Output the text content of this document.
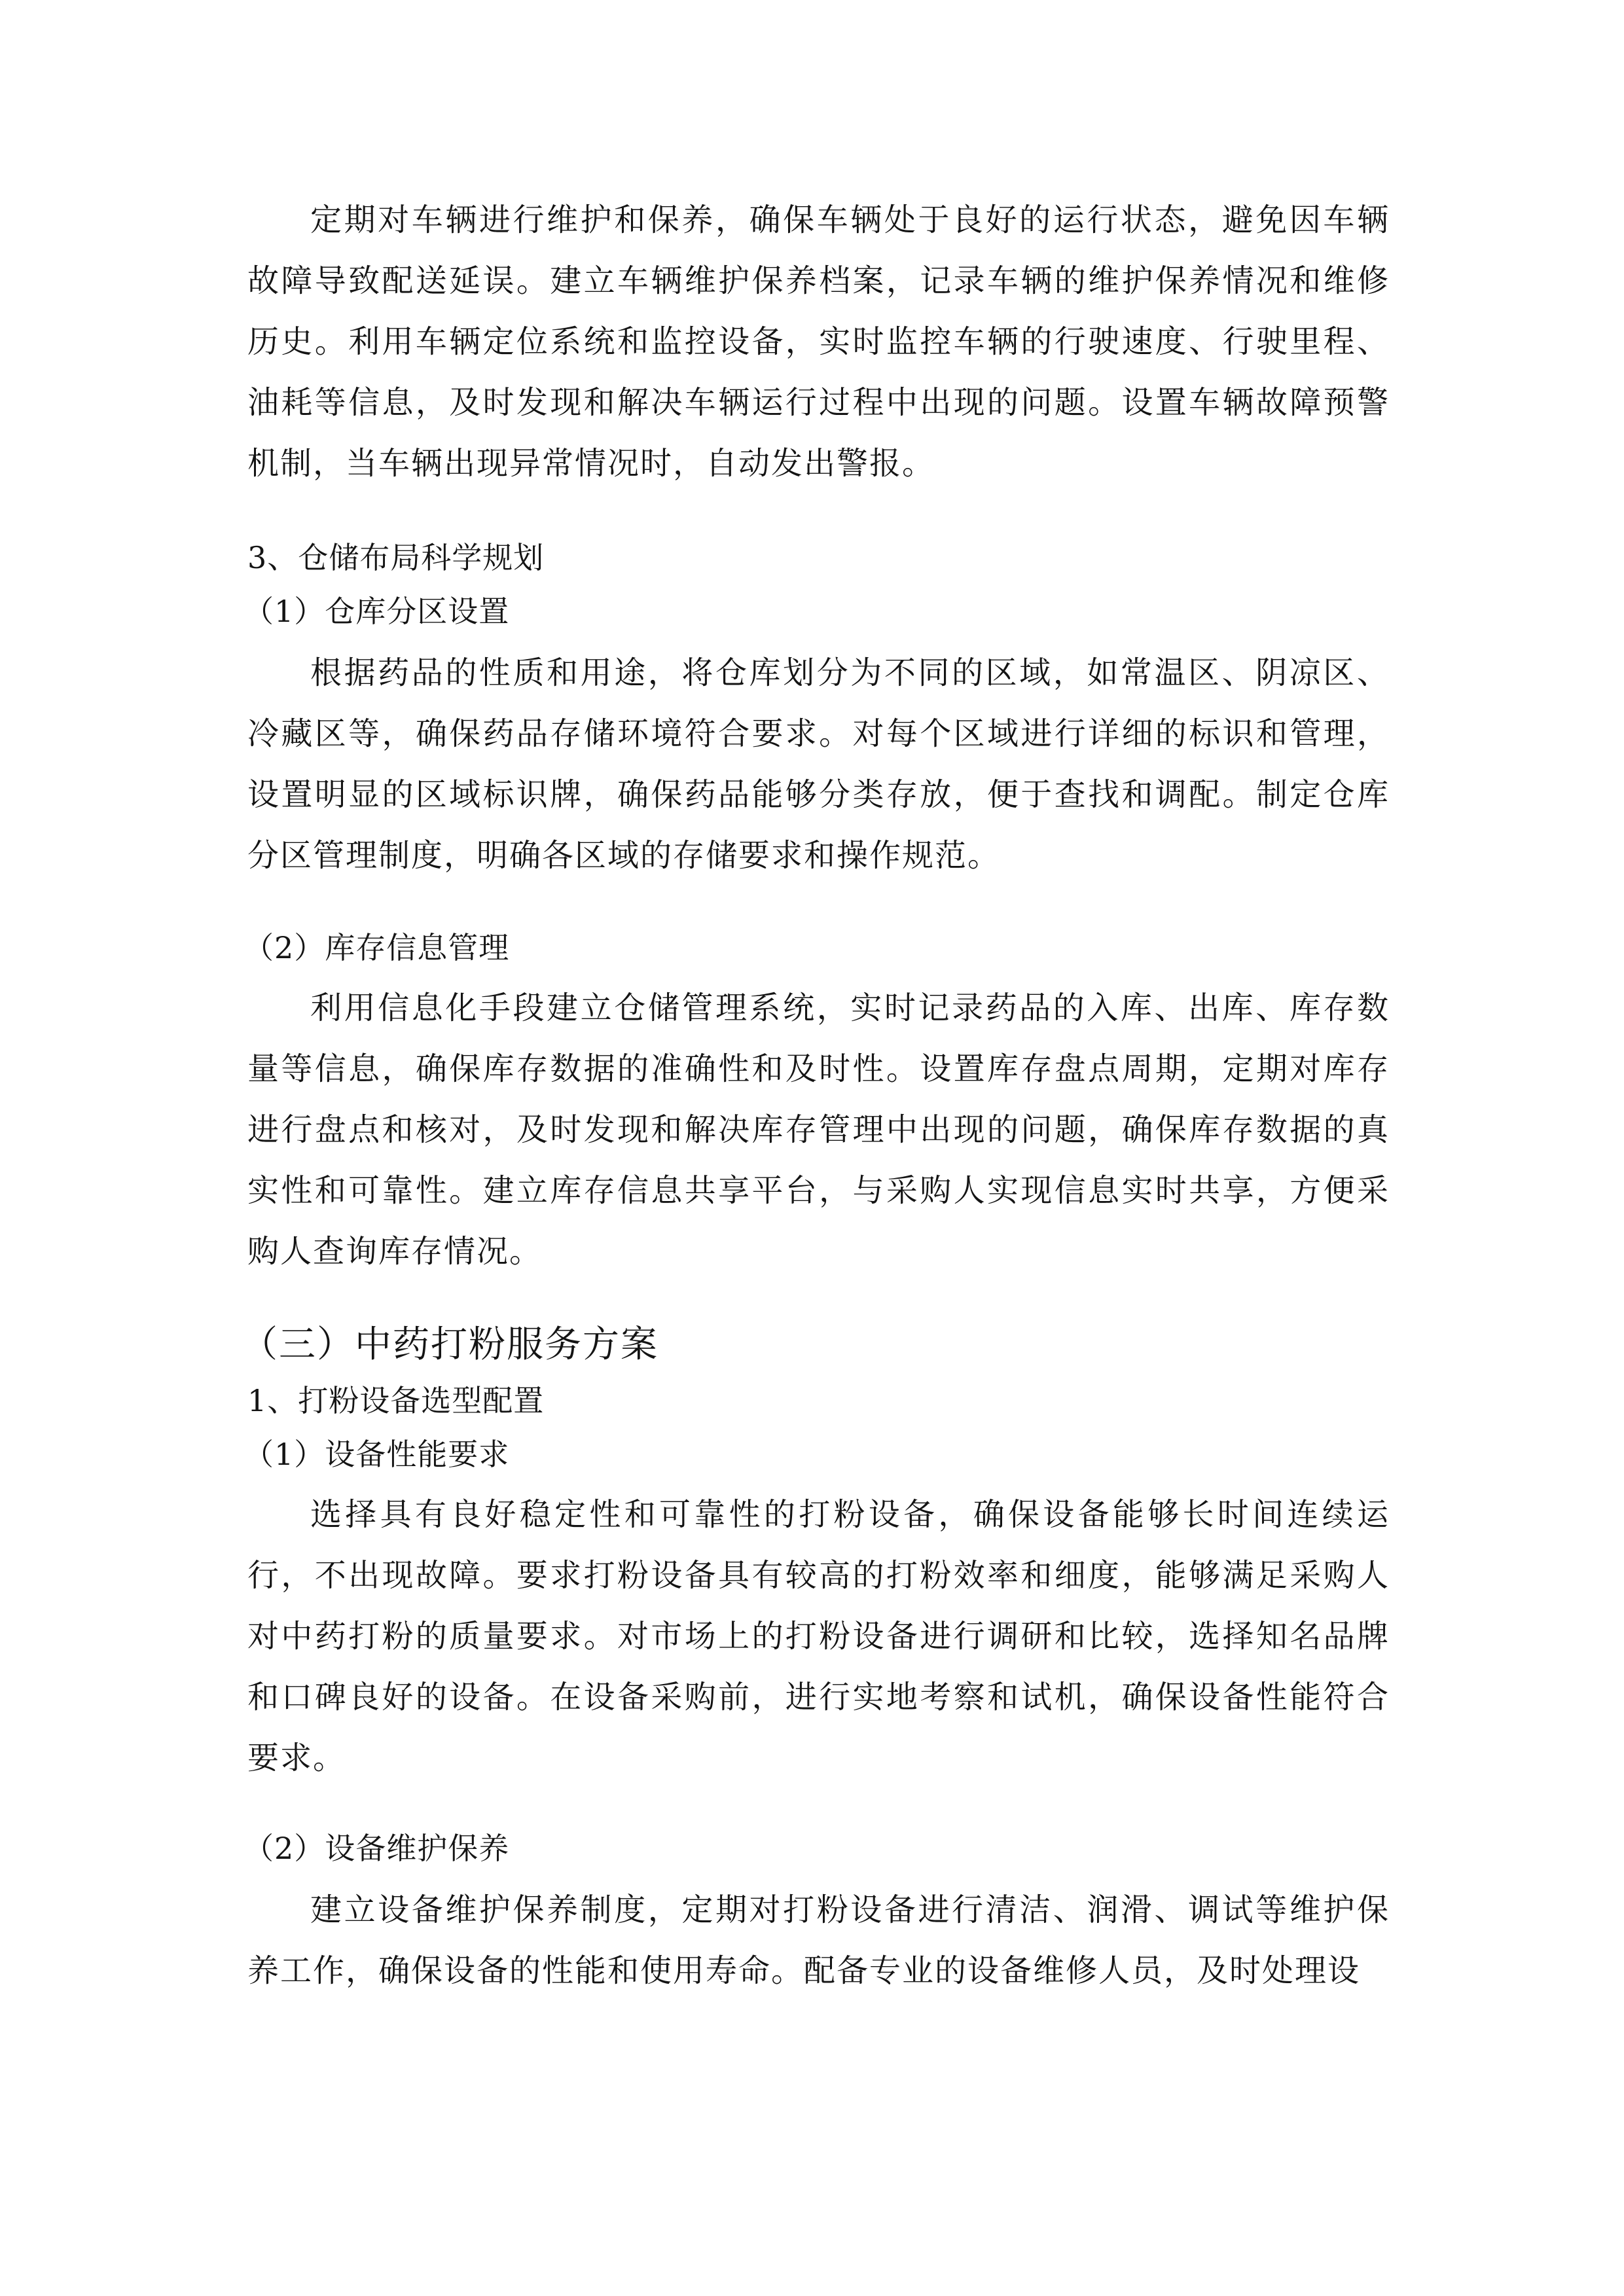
定期对车辆进行维护和保养，确保车辆处于良好的运行状态，避免因车辆故障导致配送延误。建立车辆维护保养档案，记录车辆的维护保养情况和维修历史。利用车辆定位系统和监控设备，实时监控车辆的行驶速度、行驶里程、油耗等信息，及时发现和解决车辆运行过程中出现的问题。设置车辆故障预警机制，当车辆出现异常情况时，自动发出警报。

3、仓储布局科学规划

（1）仓库分区设置

根据药品的性质和用途，将仓库划分为不同的区域，如常温区、阴凉区、冷藏区等，确保药品存储环境符合要求。对每个区域进行详细的标识和管理，设置明显的区域标识牌，确保药品能够分类存放，便于查找和调配。制定仓库分区管理制度，明确各区域的存储要求和操作规范。

（2）库存信息管理

利用信息化手段建立仓储管理系统，实时记录药品的入库、出库、库存数量等信息，确保库存数据的准确性和及时性。设置库存盘点周期，定期对库存进行盘点和核对，及时发现和解决库存管理中出现的问题，确保库存数据的真实性和可靠性。建立库存信息共享平台，与采购人实现信息实时共享，方便采购人查询库存情况。

（三）中药打粉服务方案

1、打粉设备选型配置

（1）设备性能要求

选择具有良好稳定性和可靠性的打粉设备，确保设备能够长时间连续运行，不出现故障。要求打粉设备具有较高的打粉效率和细度，能够满足采购人对中药打粉的质量要求。对市场上的打粉设备进行调研和比较，选择知名品牌和口碑良好的设备。在设备采购前，进行实地考察和试机，确保设备性能符合要求。

（2）设备维护保养

建立设备维护保养制度，定期对打粉设备进行清洁、润滑、调试等维护保养工作，确保设备的性能和使用寿命。配备专业的设备维修人员，及时处理设
